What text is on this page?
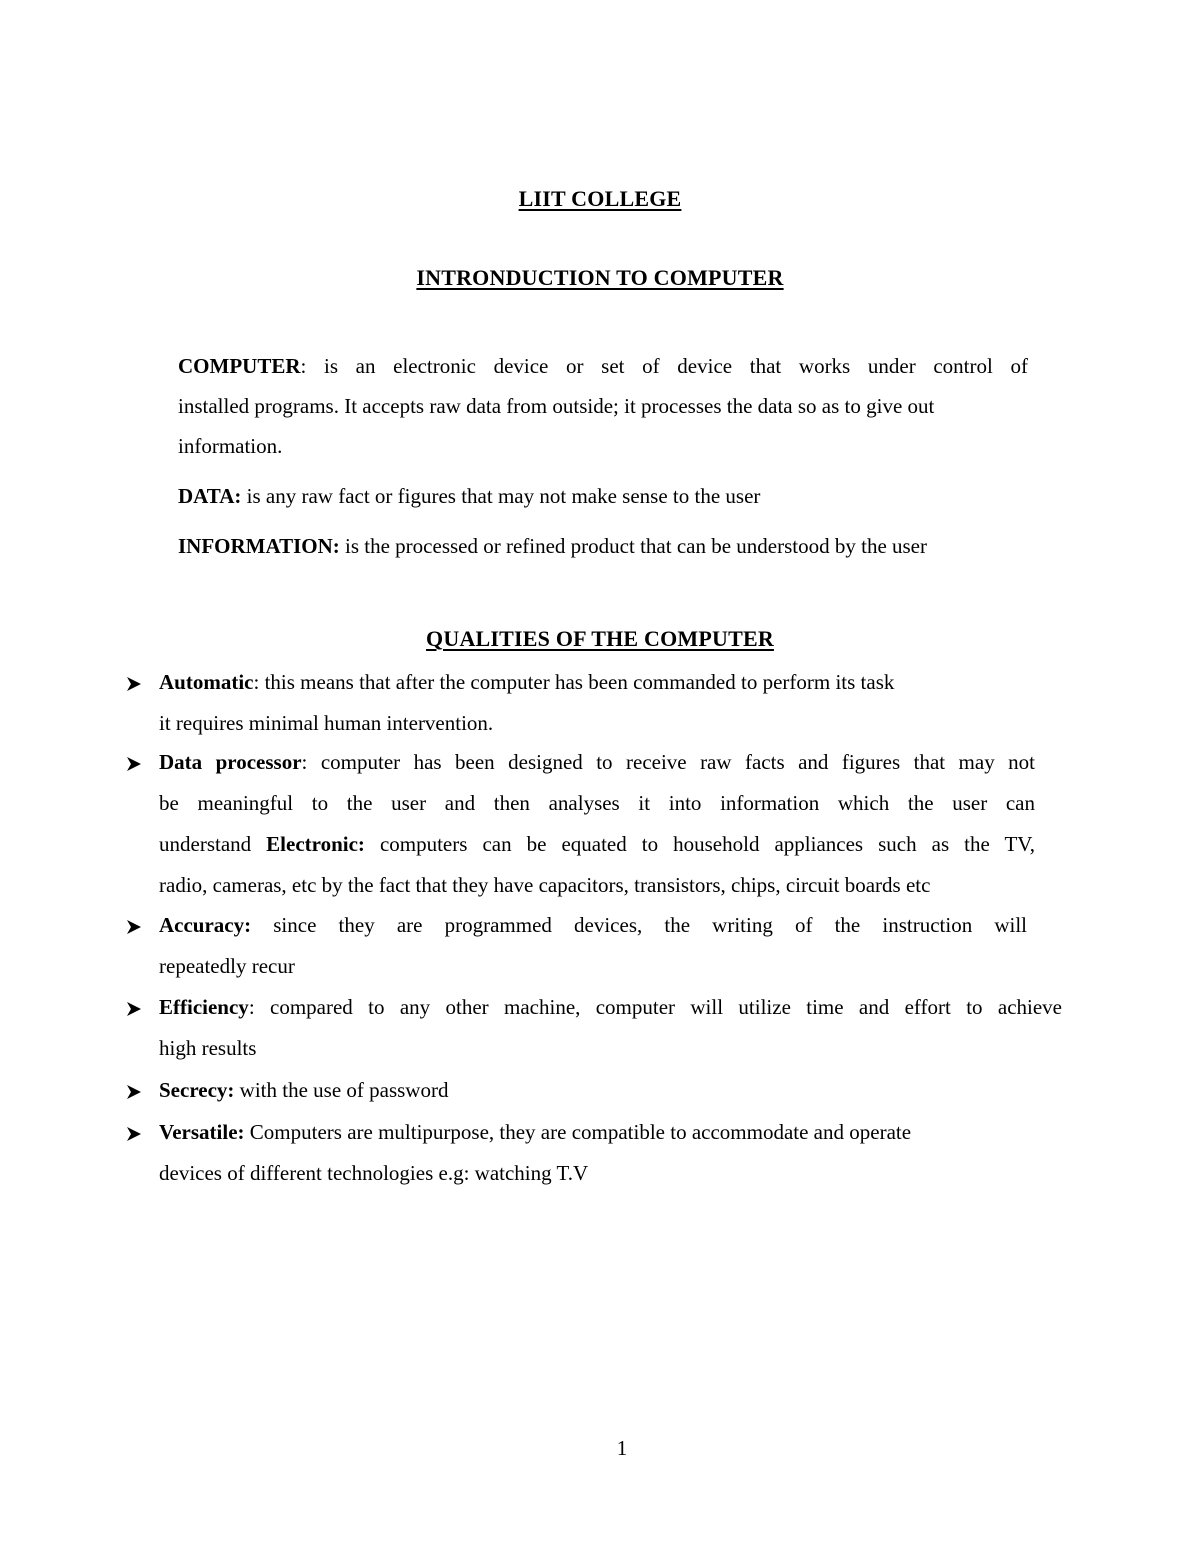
LIIT COLLEGE
INTRONDUCTION TO COMPUTER
COMPUTER: is an electronic device or set of device that works under control of
installed programs. It accepts raw data from outside; it processes the data so as to give out
information.
DATA: is any raw fact or figures that may not make sense to the user
INFORMATION: is the processed or refined product that can be understood by the user
QUALITIES OF THE COMPUTER
Automatic: this means that after the computer has been commanded to perform its task
it requires minimal human intervention.
Data processor: computer has been designed to receive raw facts and figures that may not
be meaningful to the user and then analyses it into information which the user can
understand Electronic: computers can be equated to household appliances such as the TV,
radio, cameras, etc by the fact that they have capacitors, transistors, chips, circuit boards etc
Accuracy: since they are programmed devices, the writing of the instruction will
repeatedly recur
Efficiency: compared to any other machine, computer will utilize time and effort to achieve
high results
Secrecy: with the use of password
Versatile: Computers are multipurpose, they are compatible to accommodate and operate
devices of different technologies e.g: watching T.V
1
